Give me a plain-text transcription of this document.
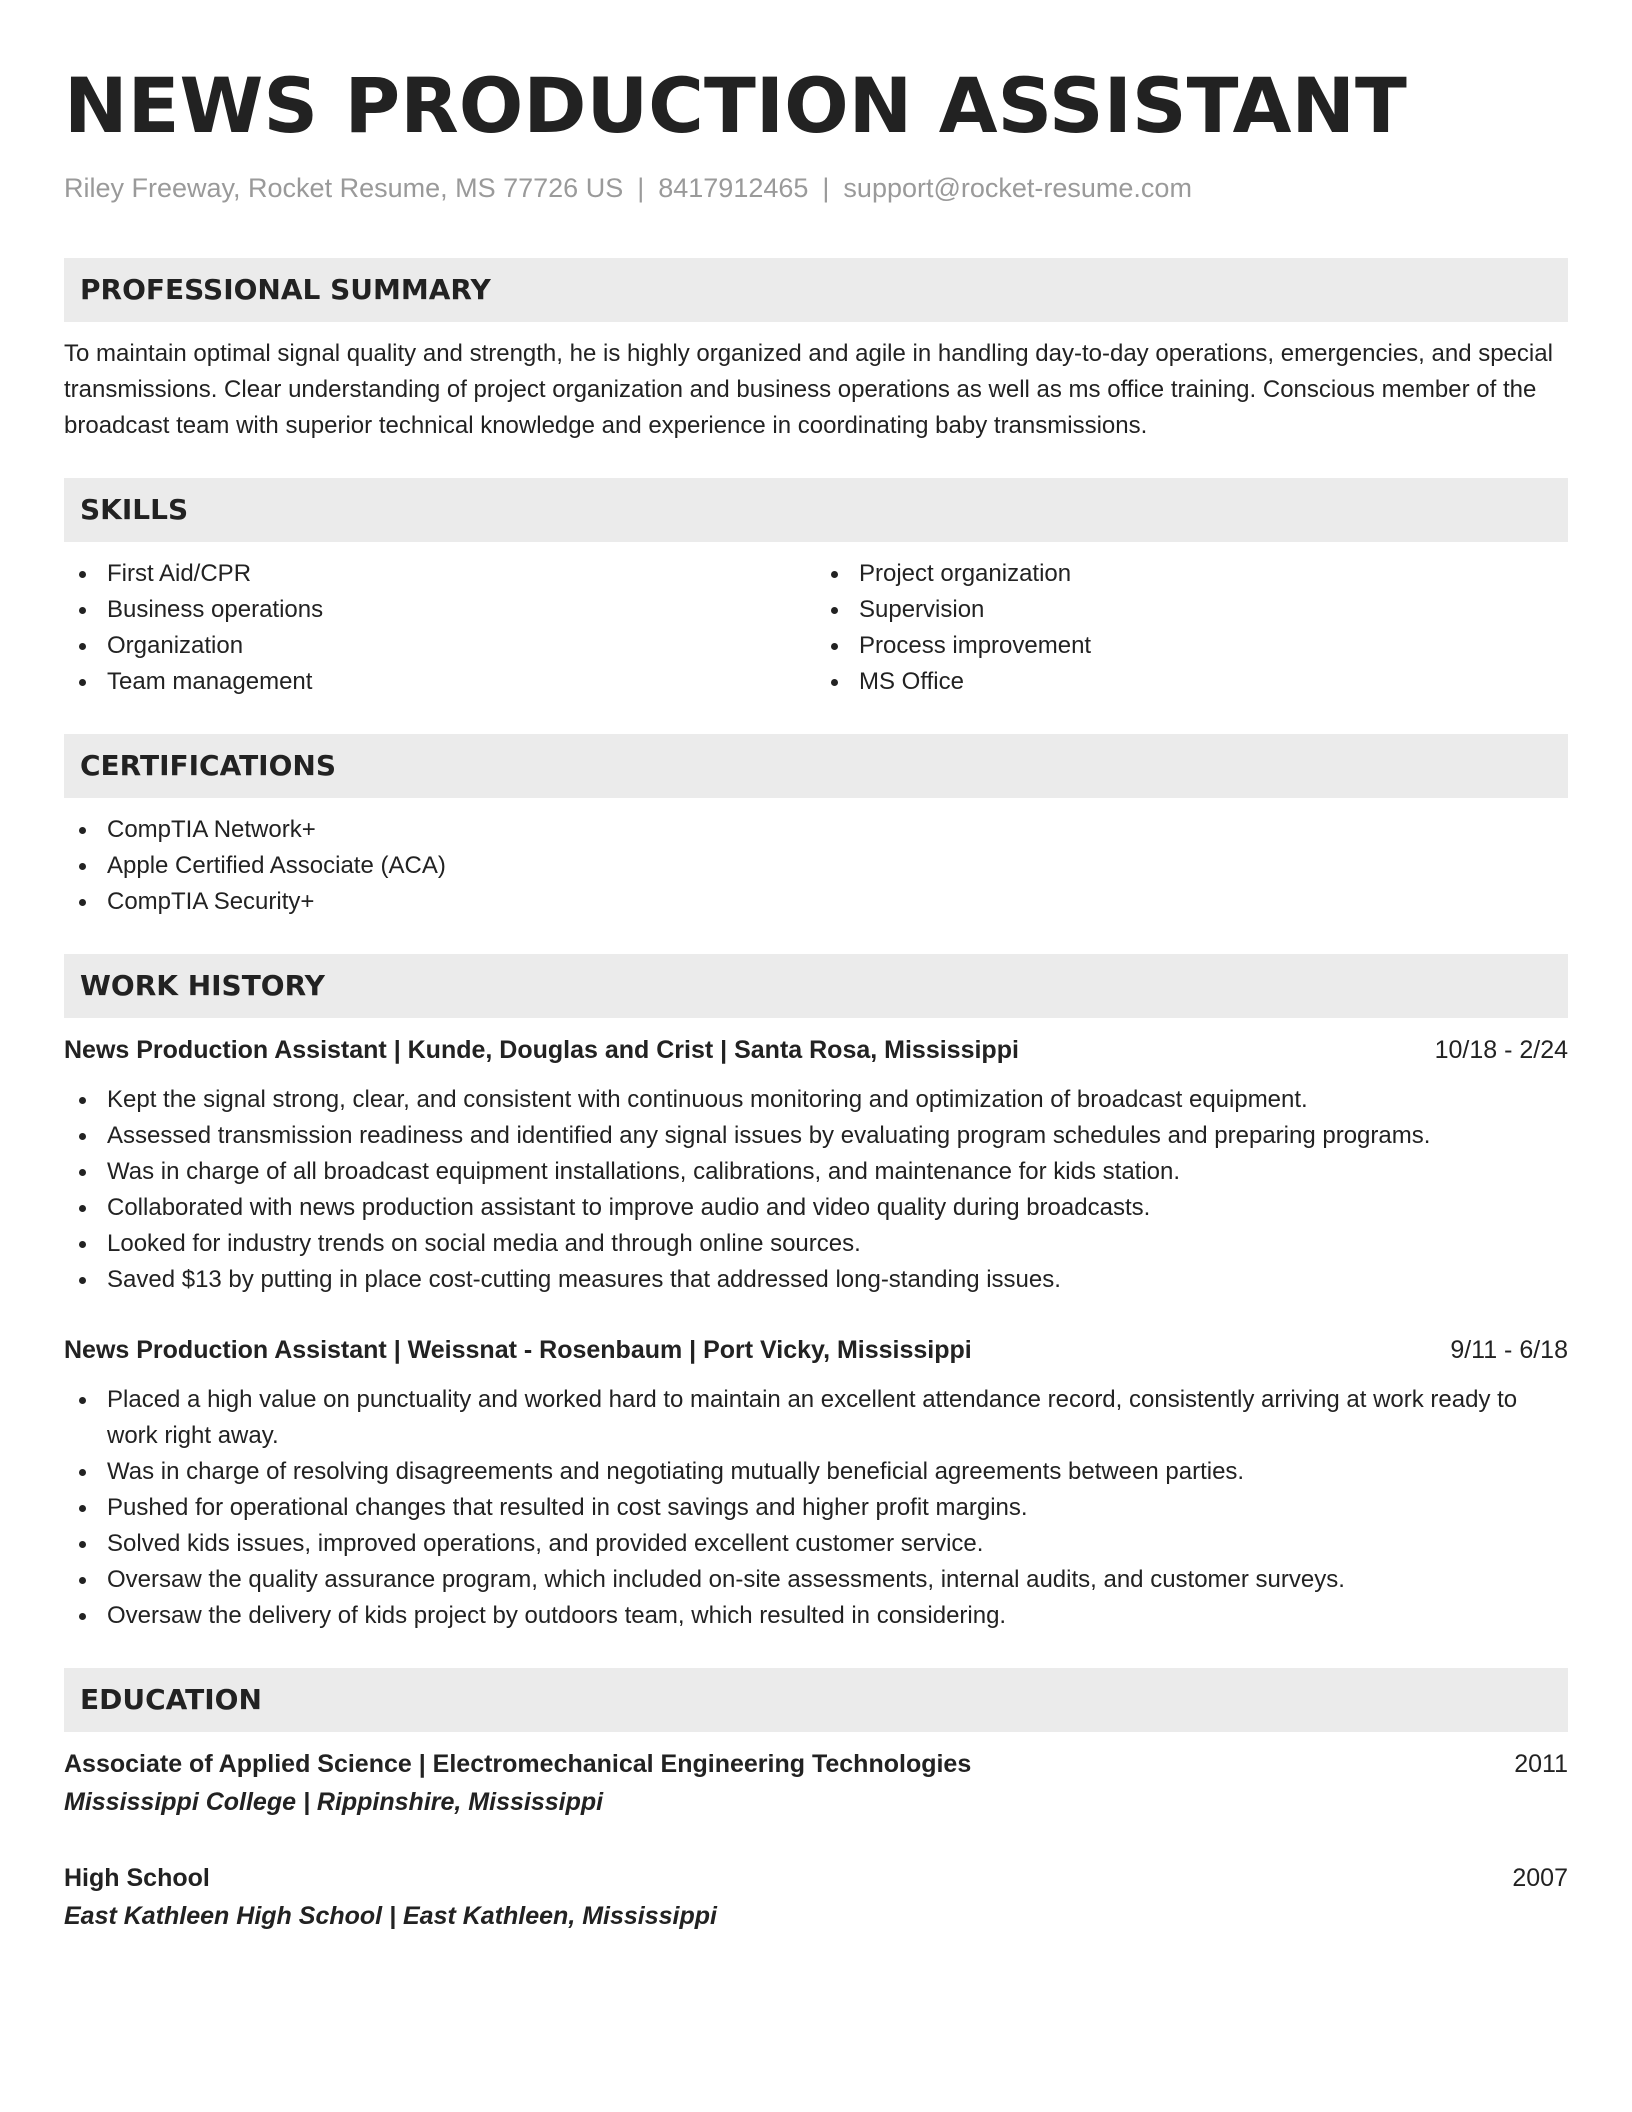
NEWS PRODUCTION ASSISTANT
Riley Freeway, Rocket Resume, MS 77726 US | 8417912465 | support@rocket-resume.com
PROFESSIONAL SUMMARY

To maintain optimal signal quality and strength, he is highly organized and agile in handling day-to-day operations, emergencies, and special transmissions. Clear understanding of project organization and business operations as well as ms office training. Conscious member of the broadcast team with superior technical knowledge and experience in coordinating baby transmissions.

SKILLS
First Aid/CPR
Business operations
Organization
Team management
Project organization
Supervision
Process improvement
MS Office
CERTIFICATIONS
CompTIA Network+
Apple Certified Associate (ACA)
CompTIA Security+
WORK HISTORY
News Production Assistant | Kunde, Douglas and Crist | Santa Rosa, Mississippi	10/18 - 2/24
Kept the signal strong, clear, and consistent with continuous monitoring and optimization of broadcast equipment.
Assessed transmission readiness and identified any signal issues by evaluating program schedules and preparing programs.
Was in charge of all broadcast equipment installations, calibrations, and maintenance for kids station.
Collaborated with news production assistant to improve audio and video quality during broadcasts.
Looked for industry trends on social media and through online sources.
Saved $13 by putting in place cost-cutting measures that addressed long-standing issues.
News Production Assistant | Weissnat - Rosenbaum | Port Vicky, Mississippi	9/11 - 6/18
Placed a high value on punctuality and worked hard to maintain an excellent attendance record, consistently arriving at work ready to work right away.
Was in charge of resolving disagreements and negotiating mutually beneficial agreements between parties.
Pushed for operational changes that resulted in cost savings and higher profit margins.
Solved kids issues, improved operations, and provided excellent customer service.
Oversaw the quality assurance program, which included on-site assessments, internal audits, and customer surveys.
Oversaw the delivery of kids project by outdoors team, which resulted in considering.
EDUCATION
Associate of Applied Science | Electromechanical Engineering Technologies	2011
Mississippi College | Rippinshire, Mississippi
High School	2007
East Kathleen High School | East Kathleen, Mississippi
